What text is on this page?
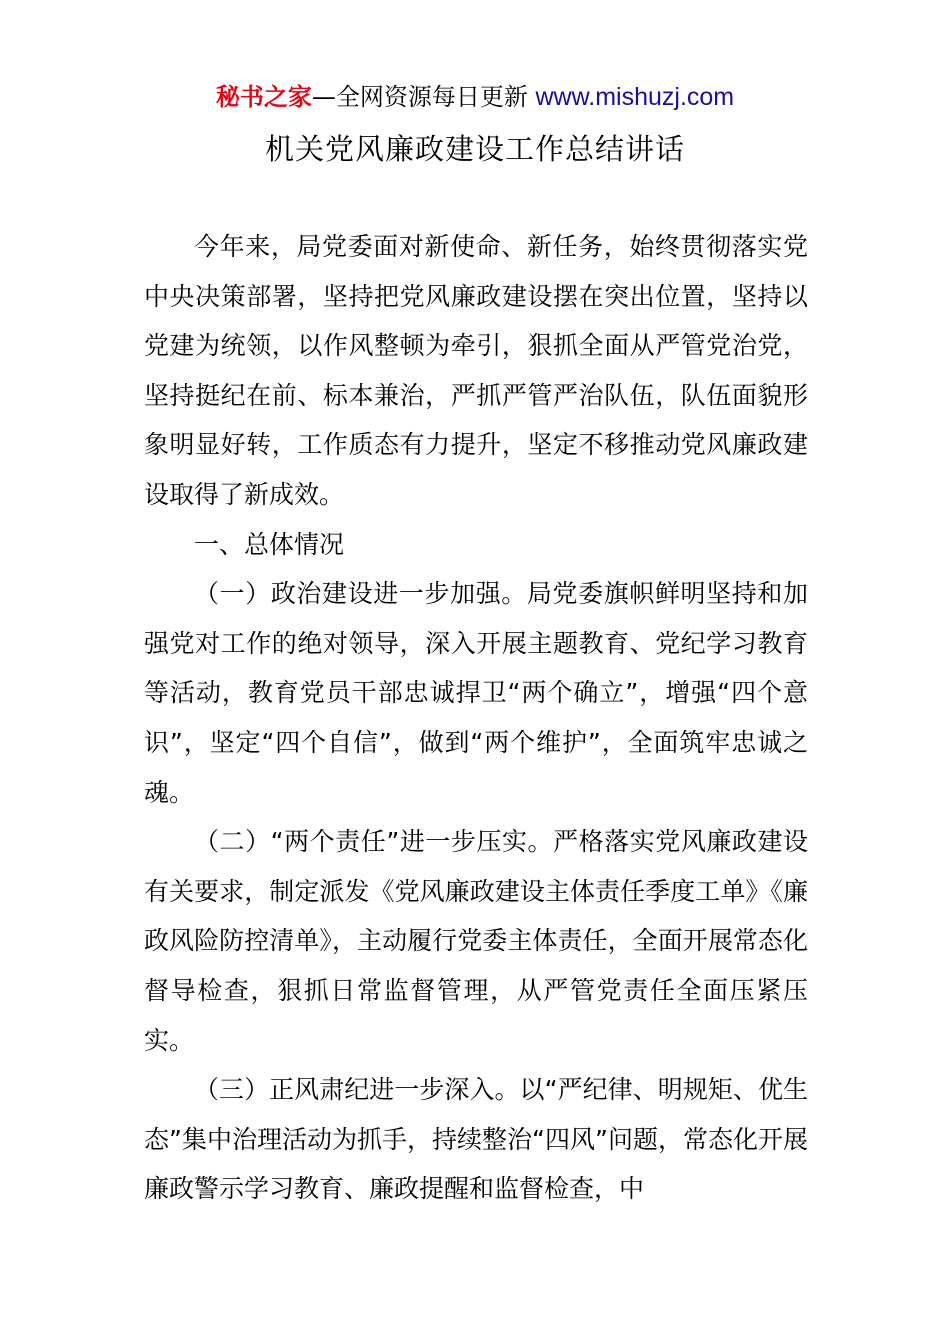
秘书之家—全网资源每日更新 www.mishuzj.com
机关党风廉政建设工作总结讲话

今年来，局党委面对新使命、新任务，始终贯彻落实党中央决策部署，坚持把党风廉政建设摆在突出位置，坚持以党建为统领，以作风整顿为牵引，狠抓全面从严管党治党，坚持挺纪在前、标本兼治，严抓严管严治队伍，队伍面貌形象明显好转，工作质态有力提升，坚定不移推动党风廉政建设取得了新成效。

一、总体情况

（一）政治建设进一步加强。局党委旗帜鲜明坚持和加强党对工作的绝对领导，深入开展主题教育、党纪学习教育等活动，教育党员干部忠诚捍卫“两个确立”，增强“四个意识”，坚定“四个自信”，做到“两个维护”，全面筑牢忠诚之魂。

（二）“两个责任”进一步压实。严格落实党风廉政建设有关要求，制定派发《党风廉政建设主体责任季度工单》《廉政风险防控清单》，主动履行党委主体责任，全面开展常态化督导检查，狠抓日常监督管理，从严管党责任全面压紧压实。

（三）正风肃纪进一步深入。以“严纪律、明规矩、优生态”集中治理活动为抓手，持续整治“四风”问题，常态化开展廉政警示学习教育、廉政提醒和监督检查，中
